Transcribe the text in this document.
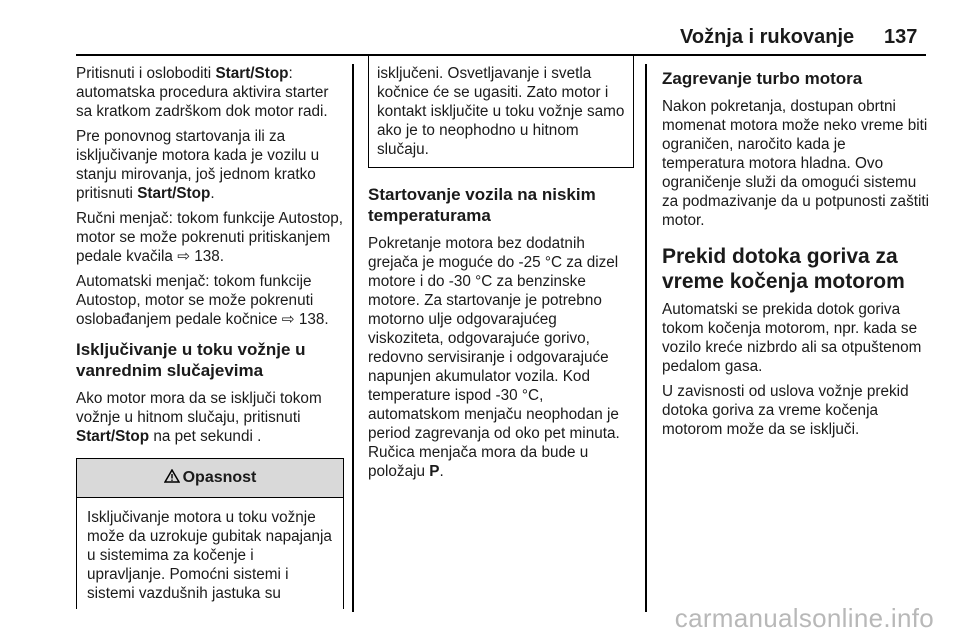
Vožnja i rukovanje 137

Pritisnuti i osloboditi Start/Stop: automatska procedura aktivira starter sa kratkom zadrškom dok motor radi.

Pre ponovnog startovanja ili za isključivanje motora kada je vozilu u stanju mirovanja, još jednom kratko pritisnuti Start/Stop.

Ručni menjač: tokom funkcije Autostop, motor se može pokrenuti pritiskanjem pedale kvačila ⇨ 138.

Automatski menjač: tokom funkcije Autostop, motor se može pokrenuti oslobađanjem pedale kočnice ⇨ 138.

Isključivanje u toku vožnje u vanrednim slučajevima

Ako motor mora da se isključi tokom vožnje u hitnom slučaju, pritisnuti Start/Stop na pet sekundi .

Opasnost
Isključivanje motora u toku vožnje može da uzrokuje gubitak napajanja u sistemima za kočenje i upravljanje. Pomoćni sistemi i sistemi vazdušnih jastuka su
isključeni. Osvetljavanje i svetla kočnice će se ugasiti. Zato motor i kontakt isključite u toku vožnje samo ako je to neophodno u hitnom slučaju.
Startovanje vozila na niskim temperaturama

Pokretanje motora bez dodatnih grejača je moguće do -25 °C za dizel motore i do -30 °C za benzinske motore. Za startovanje je potrebno motorno ulje odgovarajućeg viskoziteta, odgovarajuće gorivo, redovno servisiranje i odgovarajuće napunjen akumulator vozila. Kod temperature ispod -30 °C, automatskom menjaču neophodan je period zagrevanja od oko pet minuta. Ručica menjača mora da bude u položaju P.

Zagrevanje turbo motora

Nakon pokretanja, dostupan obrtni momenat motora može neko vreme biti ograničen, naročito kada je temperatura motora hladna. Ovo ograničenje služi da omogući sistemu za podmazivanje da u potpunosti zaštiti motor.

Prekid dotoka goriva za vreme kočenja motorom

Automatski se prekida dotok goriva tokom kočenja motorom, npr. kada se vozilo kreće nizbrdo ali sa otpuštenom pedalom gasa.

U zavisnosti od uslova vožnje prekid dotoka goriva za vreme kočenja motorom može da se isključi.

carmanualsonline.info
